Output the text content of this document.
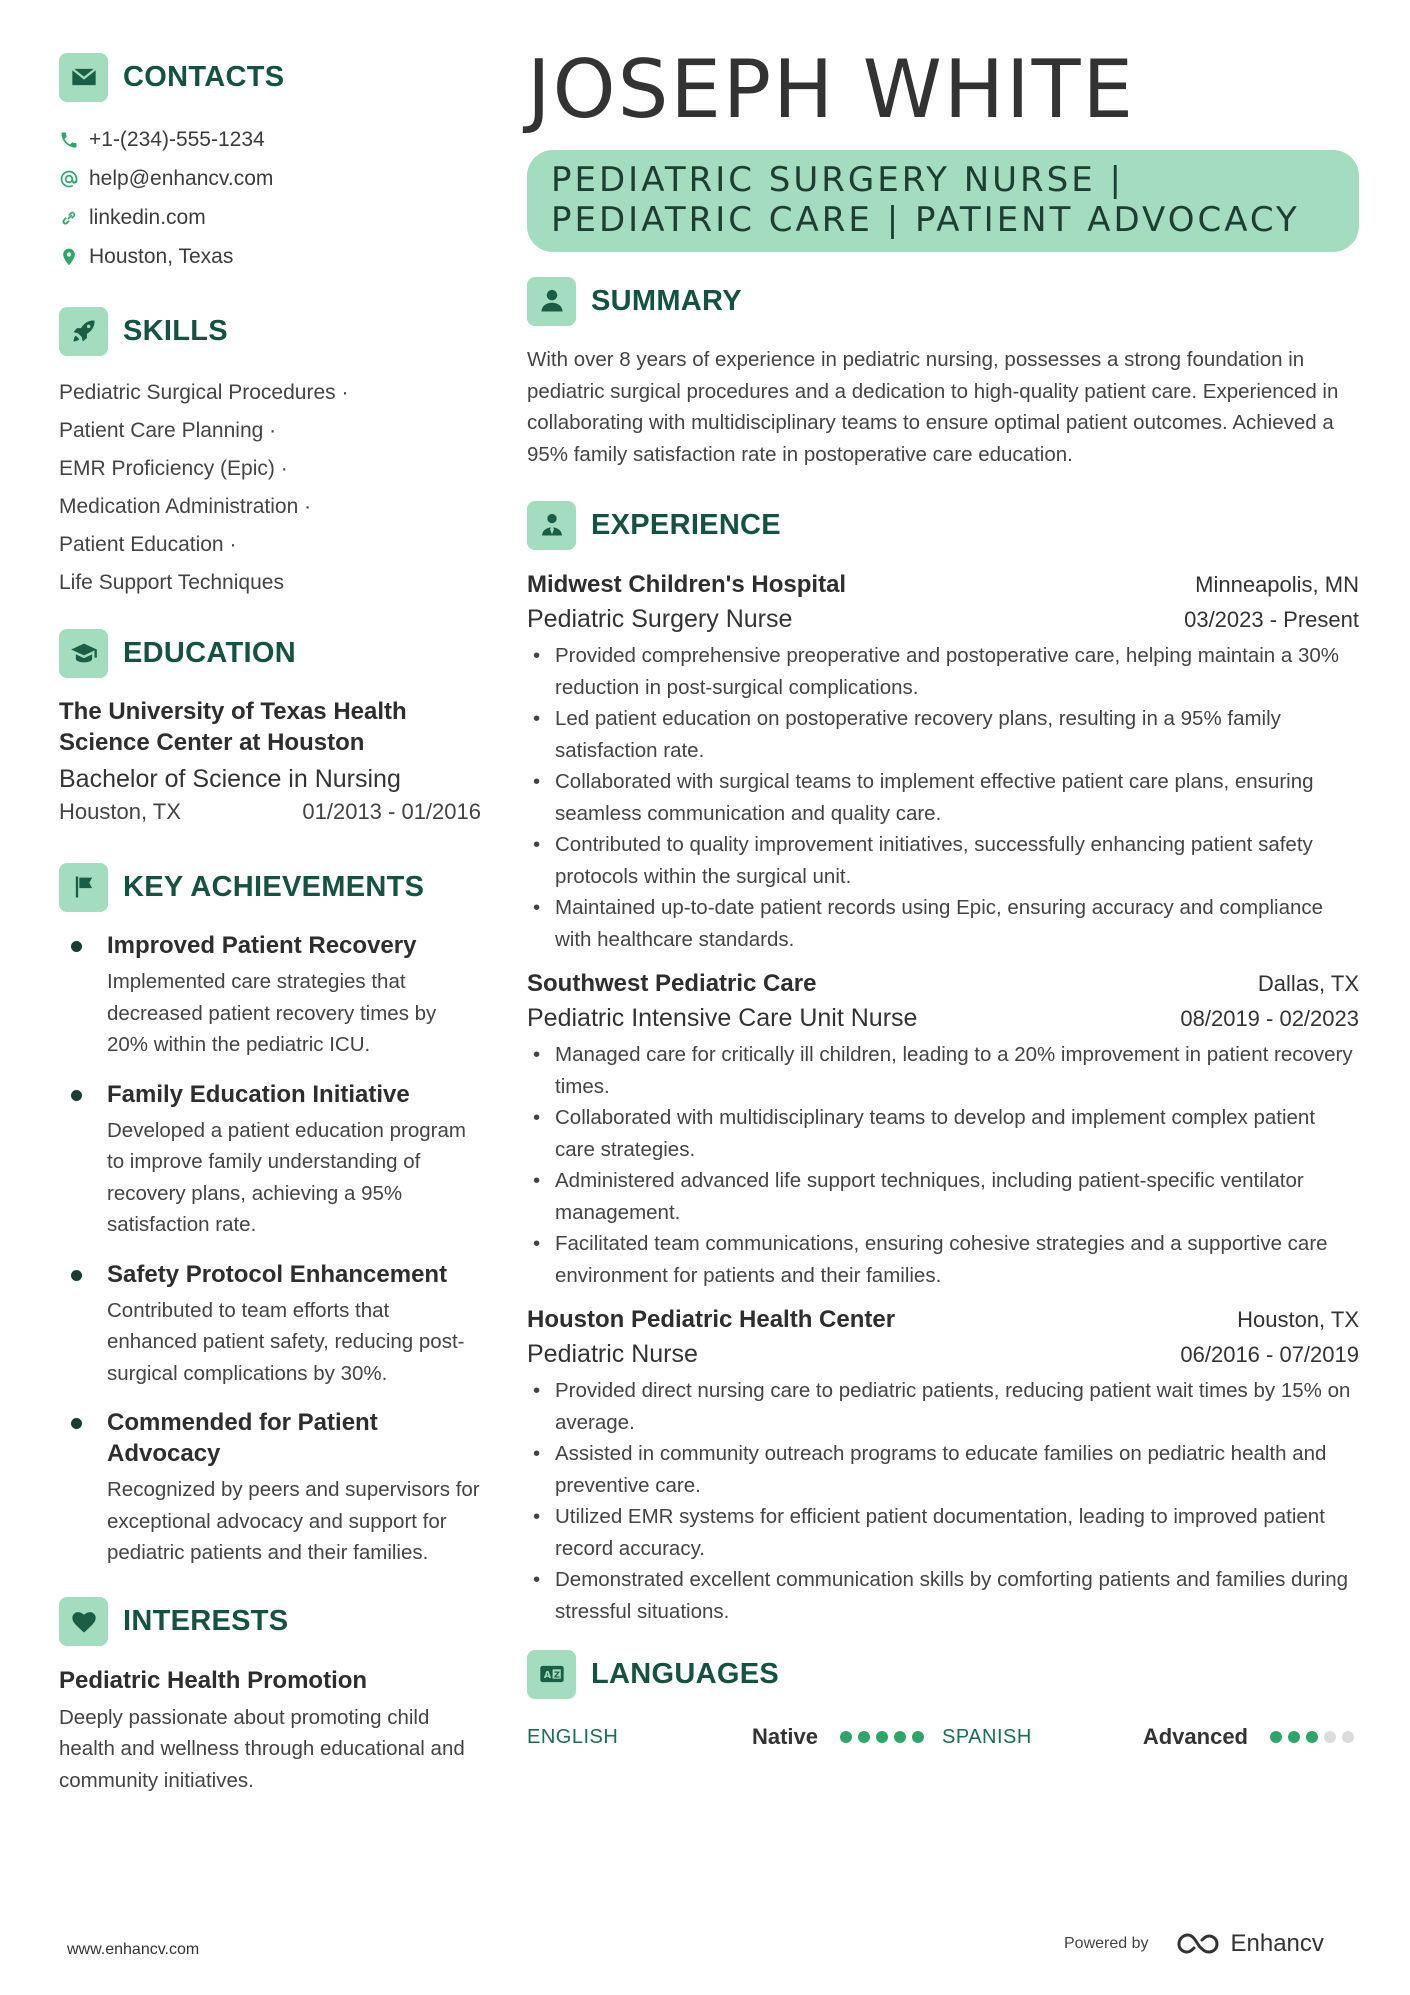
CONTACTS
+1-(234)-555-1234
help@enhancv.com
linkedin.com
Houston, Texas
SKILLS
Pediatric Surgical Procedures ·
Patient Care Planning ·
EMR Proficiency (Epic) ·
Medication Administration ·
Patient Education ·
Life Support Techniques
EDUCATION
The University of Texas Health Science Center at Houston
Bachelor of Science in Nursing
Houston, TX	01/2013 - 01/2016
KEY ACHIEVEMENTS
Improved Patient Recovery
Implemented care strategies that decreased patient recovery times by 20% within the pediatric ICU.
Family Education Initiative
Developed a patient education program to improve family understanding of recovery plans, achieving a 95% satisfaction rate.
Safety Protocol Enhancement
Contributed to team efforts that enhanced patient safety, reducing post-surgical complications by 30%.
Commended for Patient Advocacy
Recognized by peers and supervisors for exceptional advocacy and support for pediatric patients and their families.
INTERESTS
Pediatric Health Promotion
Deeply passionate about promoting child health and wellness through educational and community initiatives.
JOSEPH WHITE
PEDIATRIC SURGERY NURSE | PEDIATRIC CARE | PATIENT ADVOCACY
SUMMARY
With over 8 years of experience in pediatric nursing, possesses a strong foundation in pediatric surgical procedures and a dedication to high-quality patient care. Experienced in collaborating with multidisciplinary teams to ensure optimal patient outcomes. Achieved a 95% family satisfaction rate in postoperative care education.
EXPERIENCE
Midwest Children's Hospital	Minneapolis, MN
Pediatric Surgery Nurse	03/2023 - Present
• Provided comprehensive preoperative and postoperative care, helping maintain a 30% reduction in post-surgical complications.
• Led patient education on postoperative recovery plans, resulting in a 95% family satisfaction rate.
• Collaborated with surgical teams to implement effective patient care plans, ensuring seamless communication and quality care.
• Contributed to quality improvement initiatives, successfully enhancing patient safety protocols within the surgical unit.
• Maintained up-to-date patient records using Epic, ensuring accuracy and compliance with healthcare standards.
Southwest Pediatric Care	Dallas, TX
Pediatric Intensive Care Unit Nurse	08/2019 - 02/2023
• Managed care for critically ill children, leading to a 20% improvement in patient recovery times.
• Collaborated with multidisciplinary teams to develop and implement complex patient care strategies.
• Administered advanced life support techniques, including patient-specific ventilator management.
• Facilitated team communications, ensuring cohesive strategies and a supportive care environment for patients and their families.
Houston Pediatric Health Center	Houston, TX
Pediatric Nurse	06/2016 - 07/2019
• Provided direct nursing care to pediatric patients, reducing patient wait times by 15% on average.
• Assisted in community outreach programs to educate families on pediatric health and preventive care.
• Utilized EMR systems for efficient patient documentation, leading to improved patient record accuracy.
• Demonstrated excellent communication skills by comforting patients and families during stressful situations.
A Z LANGUAGES
ENGLISH	Native	SPANISH	Advanced
www.enhancv.com	Powered by	Enhancv
